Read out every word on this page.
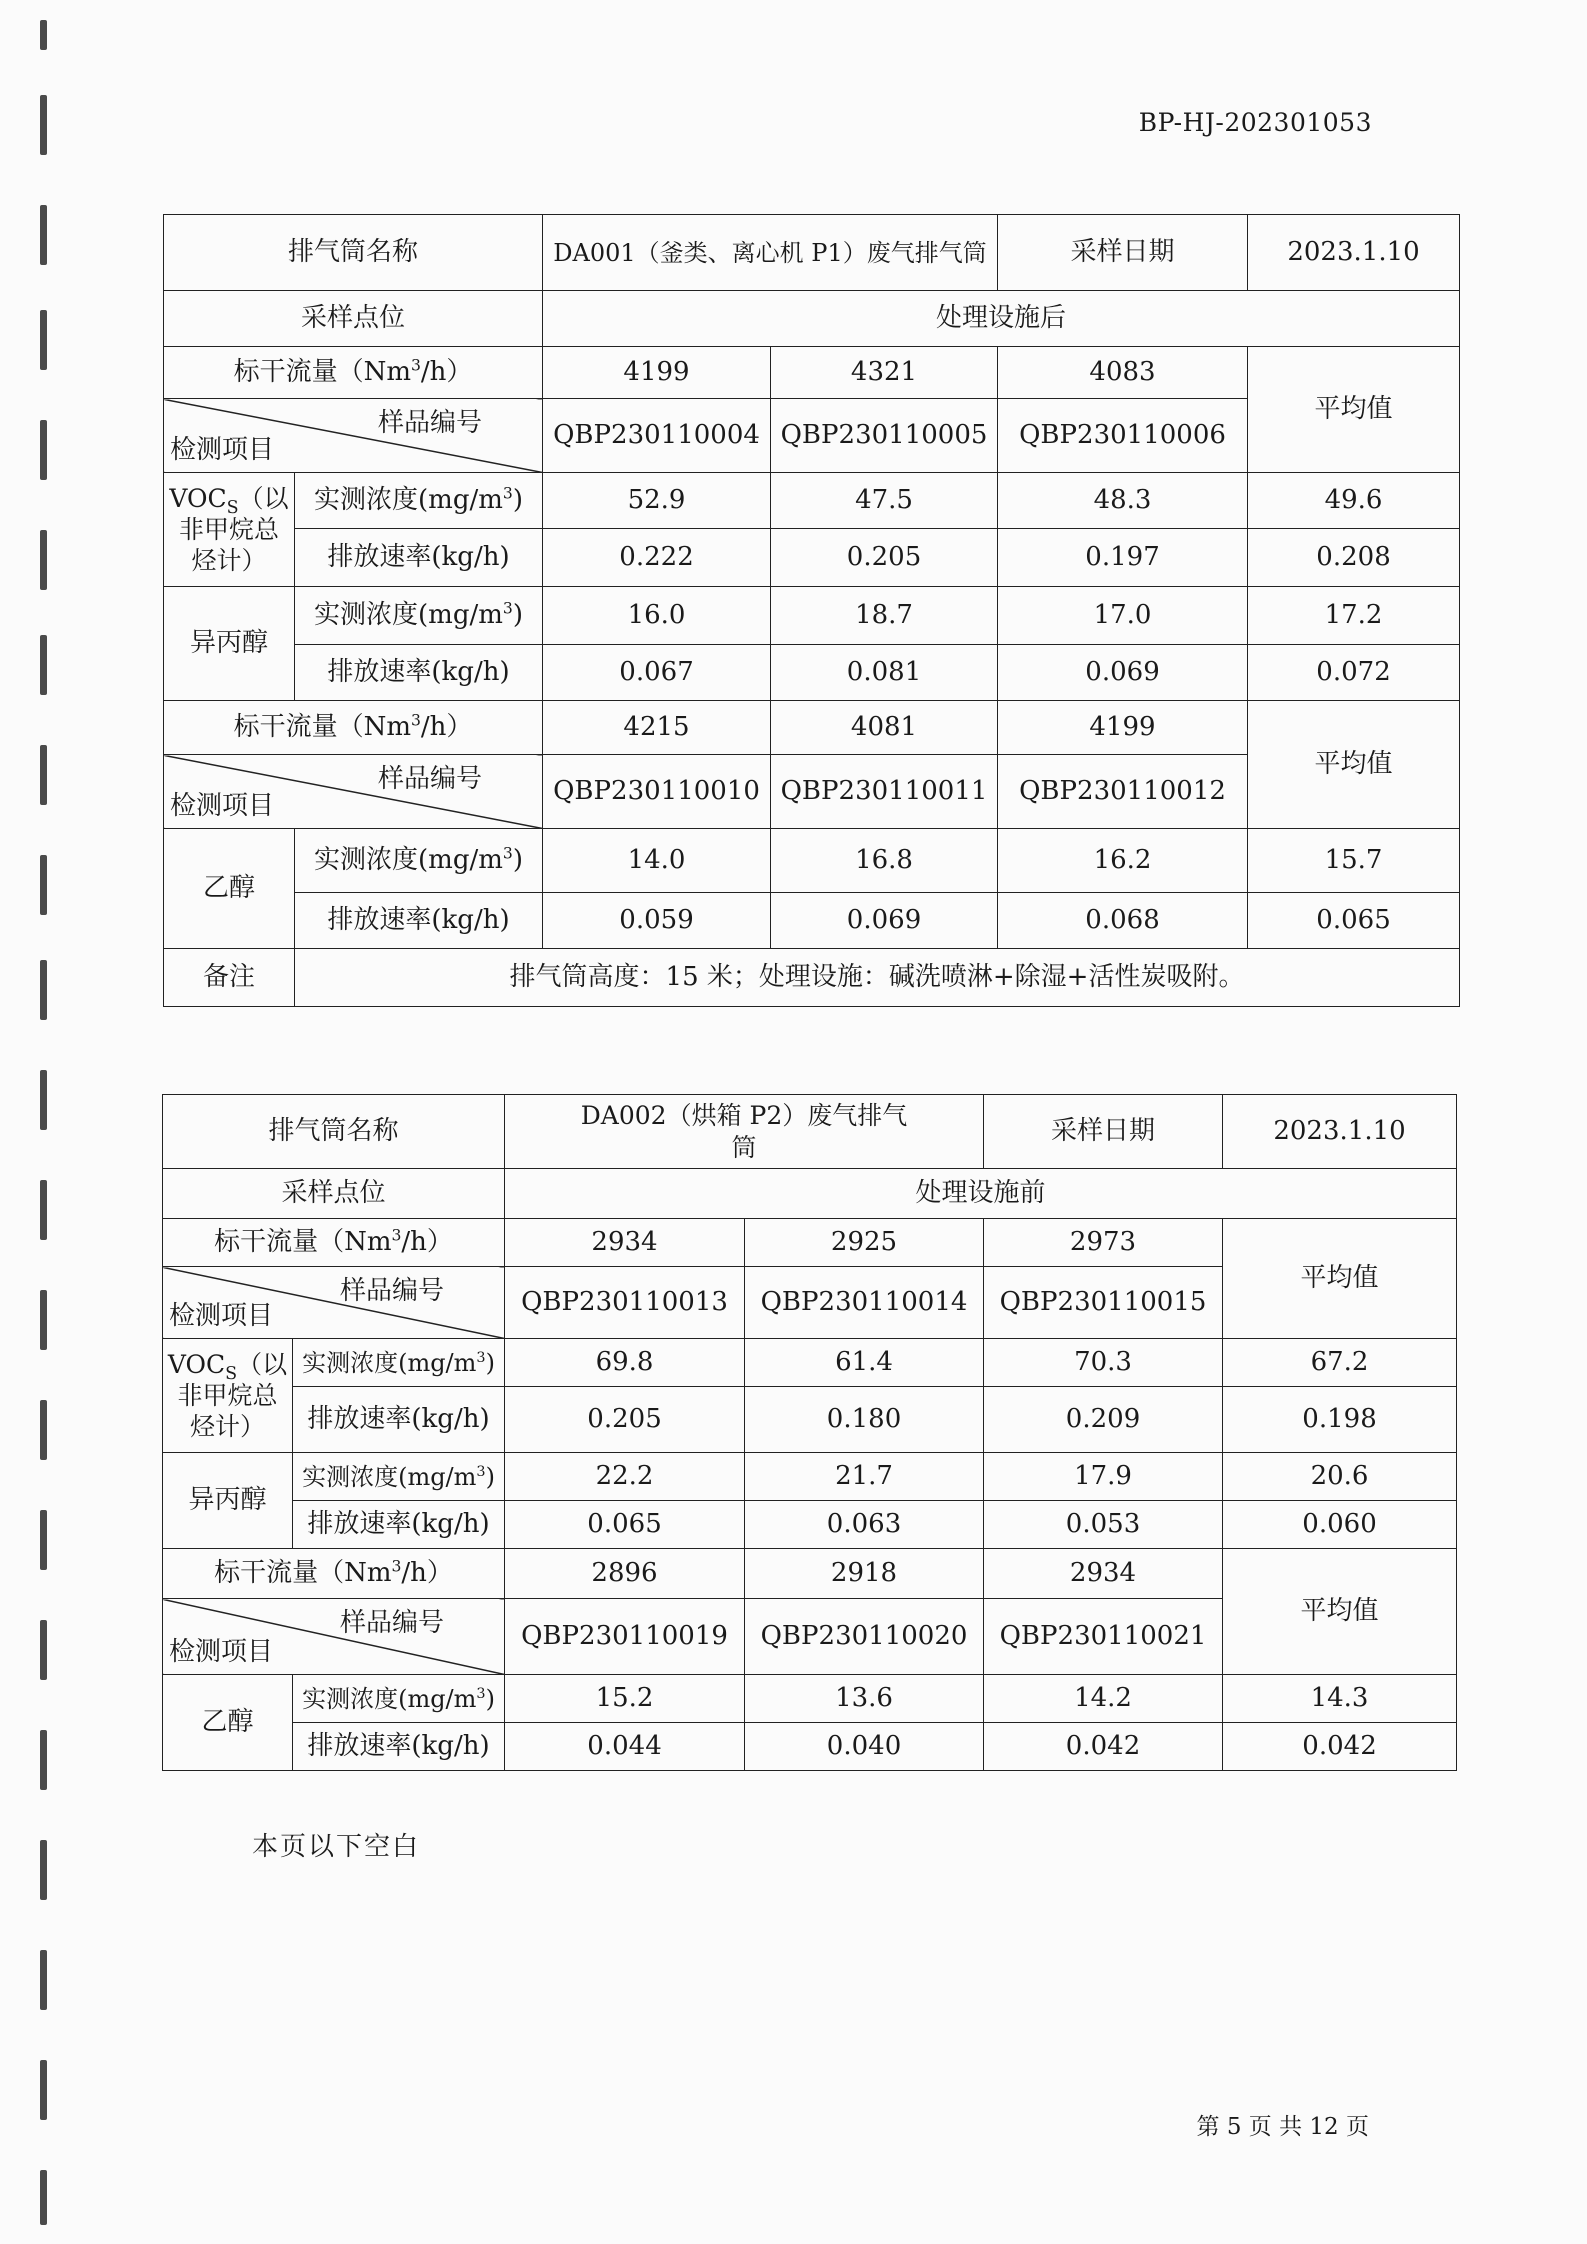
BP-HJ-202301053
排气筒名称		DA001（釜类、离心机 P1）废气排气筒		采样日期	2023.1.10
采样点位		处理设施后			
标干流量（Nm$^3$/h）		4199	4321	4083	平均值

样品编号
检测项目		QBP230110004	QBP230110005	QBP230110006	
$VOC_S$（以
非甲烷总
烃计）	实测浓度$(mg/m^3)$	52.9	47.5	48.3	49.6
	排放速率(kg/h)	0.222	0.205	0.197	0.208
异丙醇	实测浓度$(mg/m^3)$	16.0	18.7	17.0	17.2
	排放速率(kg/h)	0.067	0.081	0.069	0.072
标干流量（Nm$^3$/h）		4215	4081	4199	平均值

样品编号
检测项目		QBP230110010	QBP230110011	QBP230110012	
乙醇	实测浓度$(mg/m^3)$	14.0	16.8	16.2	15.7
	排放速率(kg/h)	0.059	0.069	0.068	0.065
备注	排气筒高度：15 米；处理设施：碱洗喷淋+除湿+活性炭吸附。				
排气筒名称		DA002（烘箱 P2）废气排气筒		采样日期	2023.1.10
采样点位		处理设施前			
标干流量（Nm$^3$/h）		2934	2925	2973	平均值

样品编号
检测项目		QBP230110013	QBP230110014	QBP230110015	
$VOC_S$（以
非甲烷总
烃计）	实测浓度$(mg/m^3)$	69.8	61.4	70.3	67.2
	排放速率(kg/h)	0.205	0.180	0.209	0.198
异丙醇	实测浓度$(mg/m^3)$	22.2	21.7	17.9	20.6
	排放速率(kg/h)	0.065	0.063	0.053	0.060
标干流量（Nm$^3$/h）		2896	2918	2934	平均值

样品编号
检测项目		QBP230110019	QBP230110020	QBP230110021	
乙醇	实测浓度$(mg/m^3)$	15.2	13.6	14.2	14.3
	排放速率(kg/h)	0.044	0.040	0.042	0.042
本页以下空白
第 5 页 共 12 页
